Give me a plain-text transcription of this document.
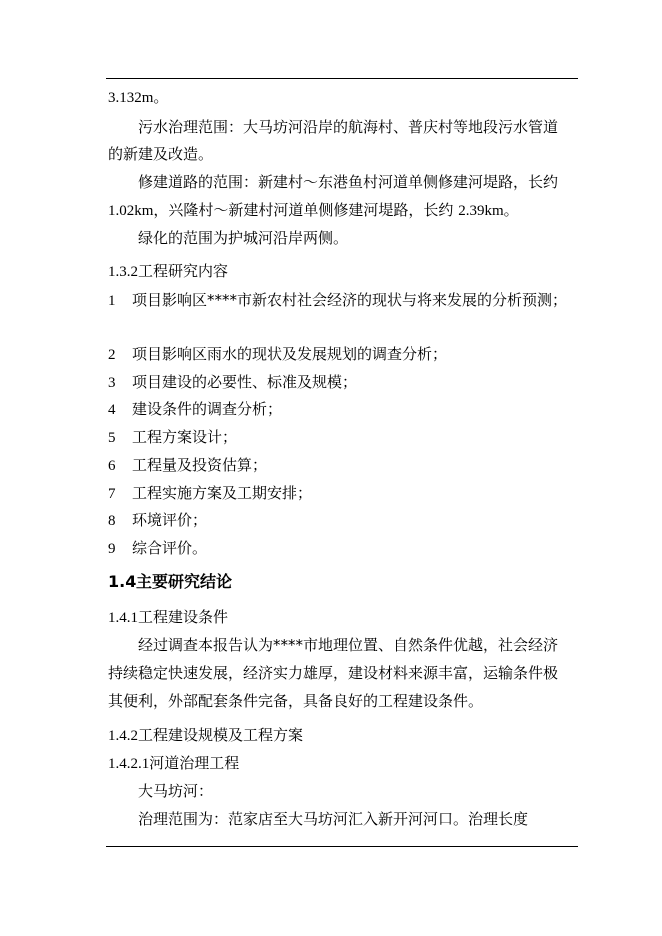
3.132m。
污水治理范围：大马坊河沿岸的航海村、普庆村等地段污水管道
的新建及改造。
修建道路的范围：新建村～东港鱼村河道单侧修建河堤路，长约
1.02km，兴隆村～新建村河道单侧修建河堤路，长约 2.39km。
绿化的范围为护城河沿岸两侧。
1.3.2工程研究内容
1 项目影响区****市新农村社会经济的现状与将来发展的分析预测；
2 项目影响区雨水的现状及发展规划的调查分析；
3 项目建设的必要性、标准及规模；
4 建设条件的调查分析；
5 工程方案设计；
6 工程量及投资估算；
7 工程实施方案及工期安排；
8 环境评价；
9 综合评价。
1.4主要研究结论
1.4.1工程建设条件
经过调查本报告认为****市地理位置、自然条件优越，社会经济
持续稳定快速发展，经济实力雄厚，建设材料来源丰富，运输条件极
其便利，外部配套条件完备，具备良好的工程建设条件。
1.4.2工程建设规模及工程方案
1.4.2.1河道治理工程
大马坊河：
治理范围为：范家店至大马坊河汇入新开河河口。治理长度
